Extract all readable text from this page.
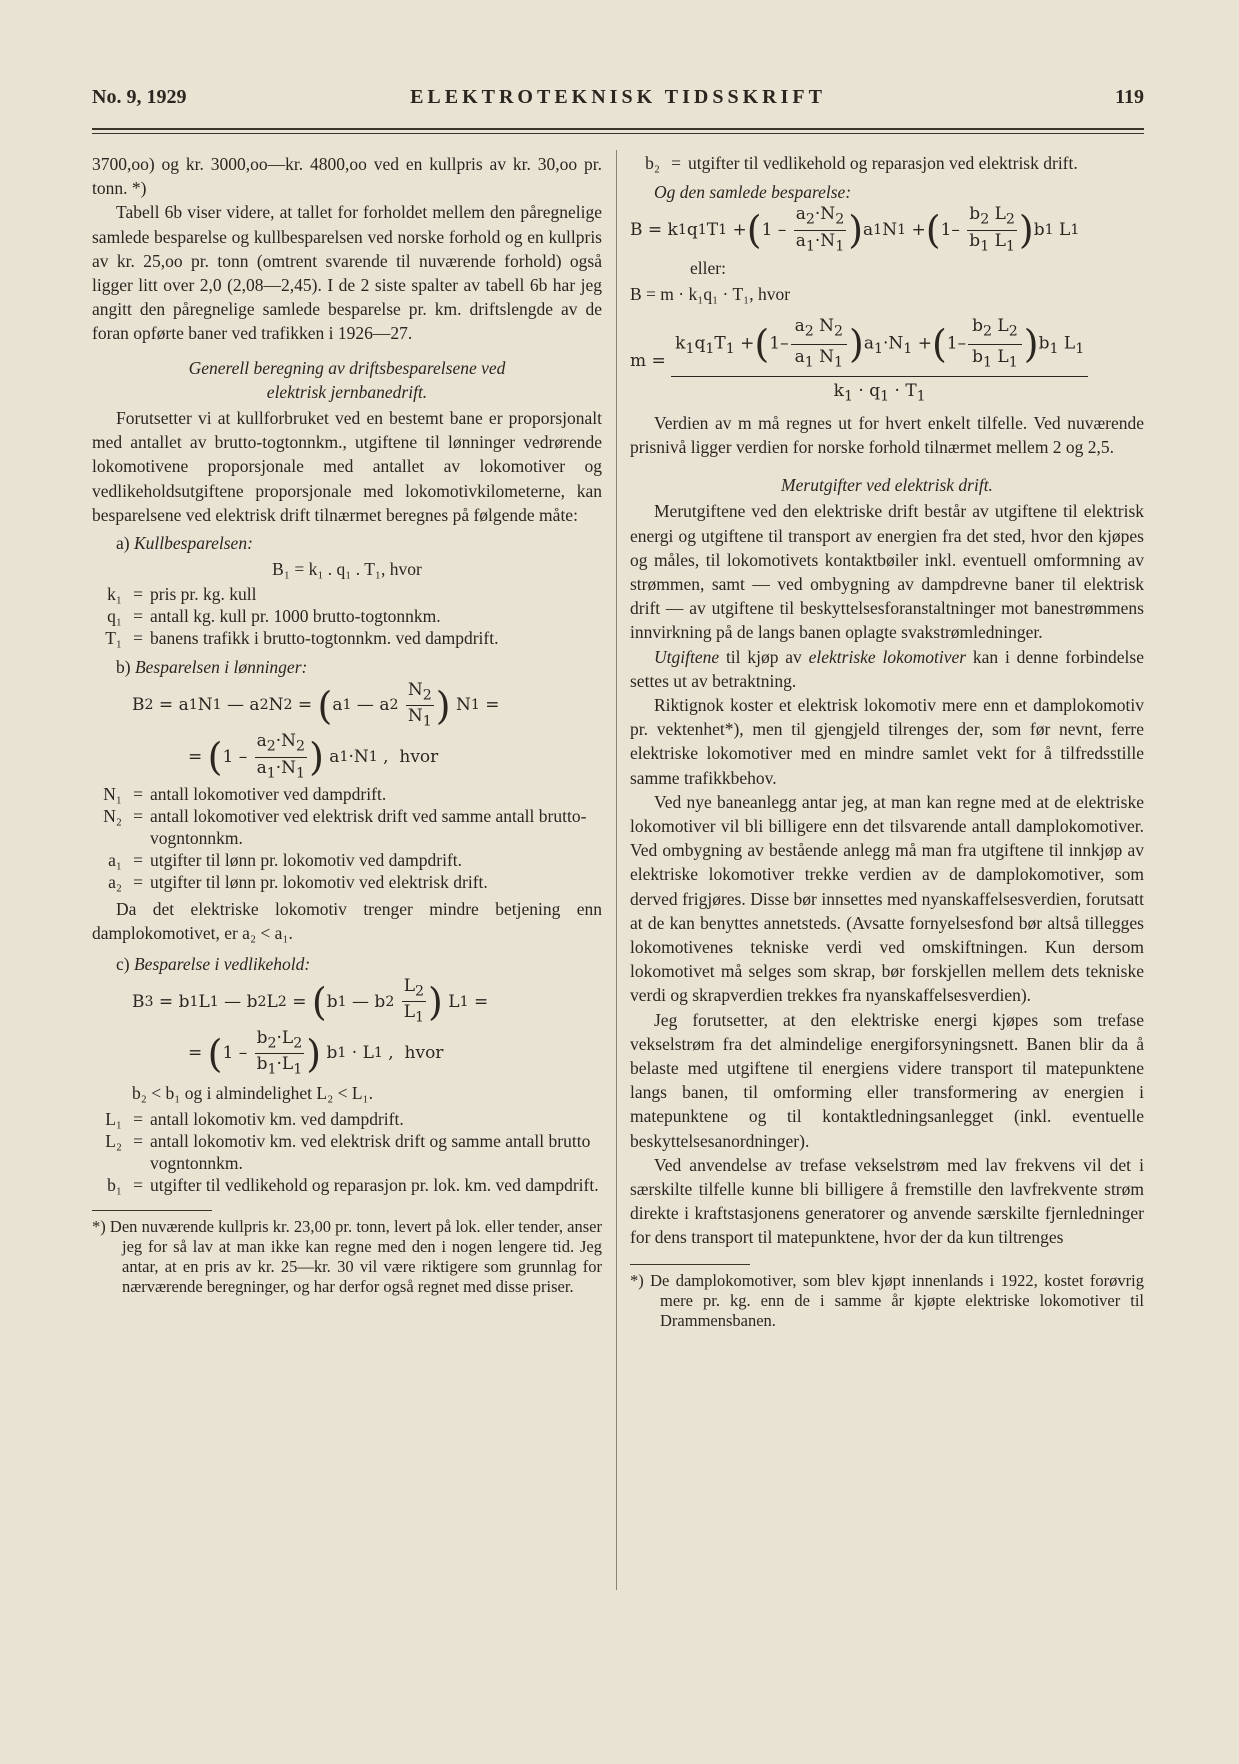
No. 9, 1929	ELEKTROTEKNISK TIDSSKRIFT	119

3700,oo) og kr. 3000,oo—kr. 4800,oo ved en kullpris av kr. 30,oo pr. tonn. *)

Tabell 6b viser videre, at tallet for forholdet mellem den påregnelige samlede besparelse og kullbesparelsen ved norske forhold og en kullpris av kr. 25,oo pr. tonn (omtrent svarende til nuværende forhold) også ligger litt over 2,0 (2,08—2,45). I de 2 siste spalter av tabell 6b har jeg angitt den påregnelige samlede besparelse pr. km. driftslengde av de foran opførte baner ved trafikken i 1926—27.

Generell beregning av driftsbesparelsene ved
elektrisk jernbanedrift.

Forutsetter vi at kullforbruket ved en bestemt bane er proporsjonalt med antallet av brutto-togtonnkm., utgiftene til lønninger vedrørende lokomotivene proporsjonale med antallet av lokomotiver og vedlikeholdsutgiftene proporsjonale med lokomotivkilometerne, kan besparelsene ved elektrisk drift tilnærmet beregnes på følgende måte:

a) Kullbesparelsen:
B₁ = k₁ . q₁ . T₁, hvor
k₁	=	pris pr. kg. kull
q₁	=	antall kg. kull pr. 1000 brutto-togtonnkm.
T₁	=	banens trafikk i brutto-togtonnkm. ved dampdrift.
b) Besparelsen i lønninger:
B 2 = a 1 N 1 — a 2 N 2 = ( a 1 — a 2
$\frac{N_2}{N_1}$ ) N 1 =
= ( $1 - \frac{a_2\cdot N_2}{a_1\cdot N_1}$ ) a 1 ·N 1 ,  hvor
N₁	=	antall lokomotiver ved dampdrift.
N₂	=	antall lokomotiver ved elektrisk drift ved samme antall brutto-vogntonnkm.
a₁	=	utgifter til lønn pr. lokomotiv ved dampdrift.
a₂	=	utgifter til lønn pr. lokomotiv ved elektrisk drift.

Da det elektriske lokomotiv trenger mindre betjening enn damplokomotivet, er a₂ < a₁.

c) Besparelse i vedlikehold:
B 3 = b 1 L 1 — b 2 L 2 = ( b 1 — b 2
$\frac{L_2}{L_1}$ ) L 1 =
= ( $1 - \frac{b_2\cdot L_2}{b_1\cdot L_1}$ ) b 1 · L 1 ,  hvor
b₂ < b₁ og i almindelighet L₂ < L₁.
L₁	=	antall lokomotiv km. ved dampdrift.
L₂	=	antall lokomotiv km. ved elektrisk drift og samme antall brutto vogntonnkm.
b₁	=	utgifter til vedlikehold og reparasjon pr. lok. km. ved dampdrift.

*) Den nuværende kullpris kr. 23,00 pr. tonn, levert på lok. eller tender, anser jeg for så lav at man ikke kan regne med den i nogen lengere tid. Jeg antar, at en pris av kr. 25—kr. 30 vil være riktigere som grunnlag for nærværende beregninger, og har derfor også regnet med disse priser.

b₂	=	utgifter til vedlikehold og reparasjon ved elektrisk drift.

Og den samlede besparelse:

B = k 1 q 1 T 1 + ( $1 - \frac{a_2\cdot N_2}{a_1\cdot N_1}$ ) a 1 N 1 + ( $1- \frac{b_2 L_2}{b_1 L_1}$ ) b 1 L 1
eller:
B = m · k₁q₁ · T₁, hvor
$m = \frac{k_1q_1T_1 +(1- \frac{a_2 N_2}{a_1 N_1} )a_1\cdot N_1 +(1- \frac{b_2 L_2}{b_1 L_1} )b_1 L_1}{k_1 \cdot q_1 \cdot T_1}$

Verdien av m må regnes ut for hvert enkelt tilfelle. Ved nuværende prisnivå ligger verdien for norske forhold tilnærmet mellem 2 og 2,5.

Merutgifter ved elektrisk drift.

Merutgiftene ved den elektriske drift består av utgiftene til elektrisk energi og utgiftene til transport av energien fra det sted, hvor den kjøpes og måles, til lokomotivets kontaktbøiler inkl. eventuell omformning av strømmen, samt — ved ombygning av dampdrevne baner til elektrisk drift — av utgiftene til beskyttelsesforanstaltninger mot banestrømmens innvirkning på de langs banen oplagte svakstrømledninger.

Utgiftene til kjøp av elektriske lokomotiver kan i denne forbindelse settes ut av betraktning.

Riktignok koster et elektrisk lokomotiv mere enn et damplokomotiv pr. vektenhet*), men til gjengjeld tilrenges der, som før nevnt, ferre elektriske lokomotiver med en mindre samlet vekt for å tilfredsstille samme trafikkbehov.

Ved nye baneanlegg antar jeg, at man kan regne med at de elektriske lokomotiver vil bli billigere enn det tilsvarende antall damplokomotiver. Ved ombygning av bestående anlegg må man fra utgiftene til innkjøp av elektriske lokomotiver trekke verdien av de damplokomotiver, som derved frigjøres. Disse bør innsettes med nyanskaffelsesverdien, forutsatt at de kan benyttes annetsteds. (Avsatte fornyelsesfond bør altså tillegges lokomotivenes tekniske verdi ved omskiftningen. Kun dersom lokomotivet må selges som skrap, bør forskjellen mellem dets tekniske verdi og skrapverdien trekkes fra nyanskaffelsesverdien).

Jeg forutsetter, at den elektriske energi kjøpes som trefase vekselstrøm fra det almindelige energiforsyningsnett. Banen blir da å belaste med utgiftene til energiens videre transport til matepunktene langs banen, til omforming eller transformering av energien i matepunktene og til kontaktledningsanlegget (inkl. eventuelle beskyttelsesanordninger).

Ved anvendelse av trefase vekselstrøm med lav frekvens vil det i særskilte tilfelle kunne bli billigere å fremstille den lavfrekvente strøm direkte i kraftstasjonens generatorer og anvende særskilte fjernledninger for dens transport til matepunktene, hvor der da kun tiltrenges

*) De damplokomotiver, som blev kjøpt innenlands i 1922, kostet forøvrig mere pr. kg. enn de i samme år kjøpte elektriske lokomotiver til Drammensbanen.
